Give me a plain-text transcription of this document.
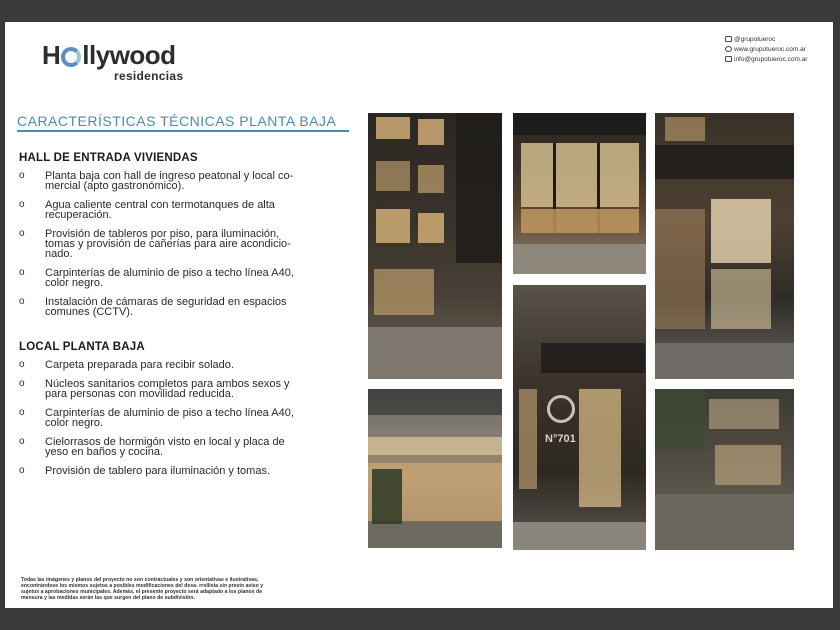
H llywood
residencias
@grupotueroc
www.grupotueroc.com.ar
info@grupotueroc.com.ar
CARACTERÍSTICAS TÉCNICAS PLANTA BAJA
HALL DE ENTRADA VIVIENDAS
o Planta baja con hall de ingreso peatonal y local co-
mercial (apto gastronómico).
o Agua caliente central con termotanques de alta
recuperación.
o Provisión de tableros por piso, para iluminación,
tomas y provisión de cañerías para aire acondicio-
nado.
o Carpinterías de aluminio de piso a techo línea A40,
color negro.
o Instalación de cámaras de seguridad en espacios
comunes (CCTV).
LOCAL PLANTA BAJA
o Carpeta preparada para recibir solado.
o Núcleos sanitarios completos para ambos sexos y
para personas con movilidad reducida.
o Carpinterías de aluminio de piso a techo línea A40,
color negro.
o Cielorrasos de hormigón visto en local y placa de
yeso en baños y cocina.
o Provisión de tablero para iluminación y tomas.
Todas las imágenes y planos del proyecto no son contractuales y son orientativas e ilustrativas, encontrándose los mismos sujetos a posibles modificaciones del desa- rrollista sin previo aviso y sujetos a aprobaciones municipales. Además, el presente proyecto será adaptado a los planos de mensura y las medidas serán las que surgen del plano de subdivisión.
N°701
